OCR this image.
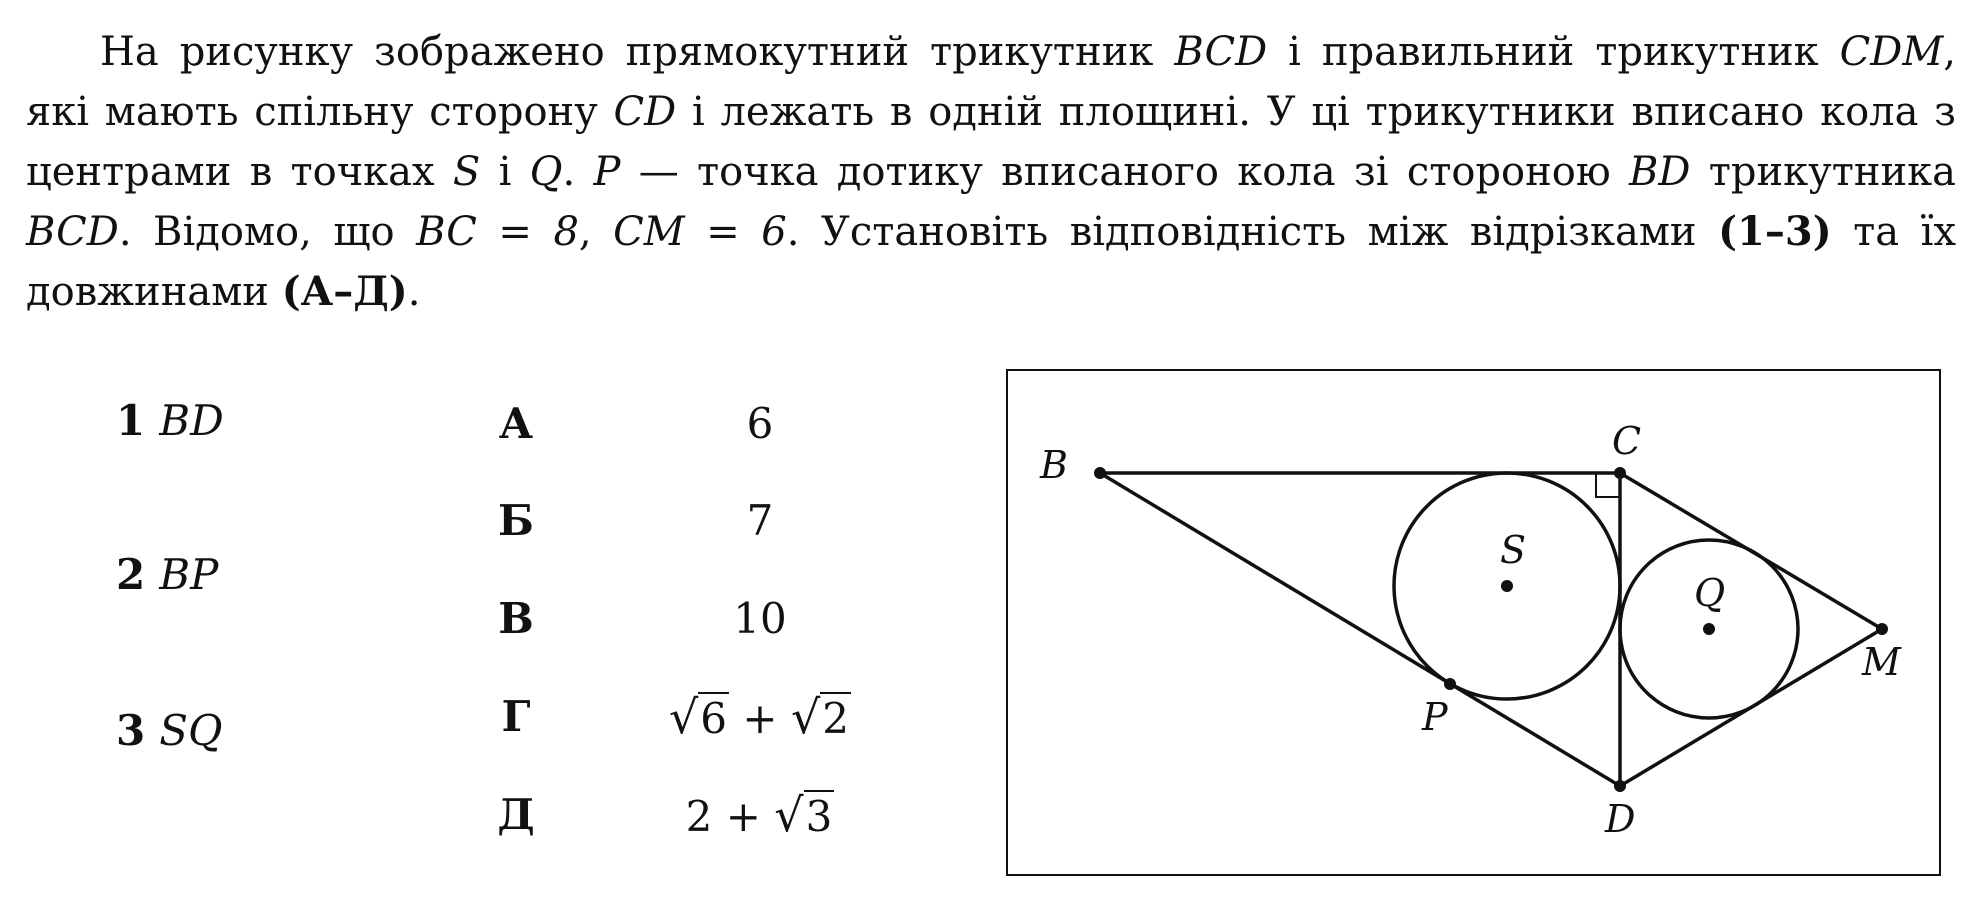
На рисунку зображено прямокутний трикутник BCD і правильний трикутник CDM, які мають спільну сторону CD і лежать в одній площині. У ці трикутники вписано кола з центрами в точках S і Q. P — точка дотику вписаного кола зі стороною BD трикутника BCD. Відомо, що BC = 8, CM = 6. Установіть відповідність між відрізками (1–3) та їх довжинами (А–Д).

1 BD
2 BP
3 SQ
А	6
Б	7
В	10
Г	√6 + √2
Д	2 + √3
B
C
D
M
P
S
Q
